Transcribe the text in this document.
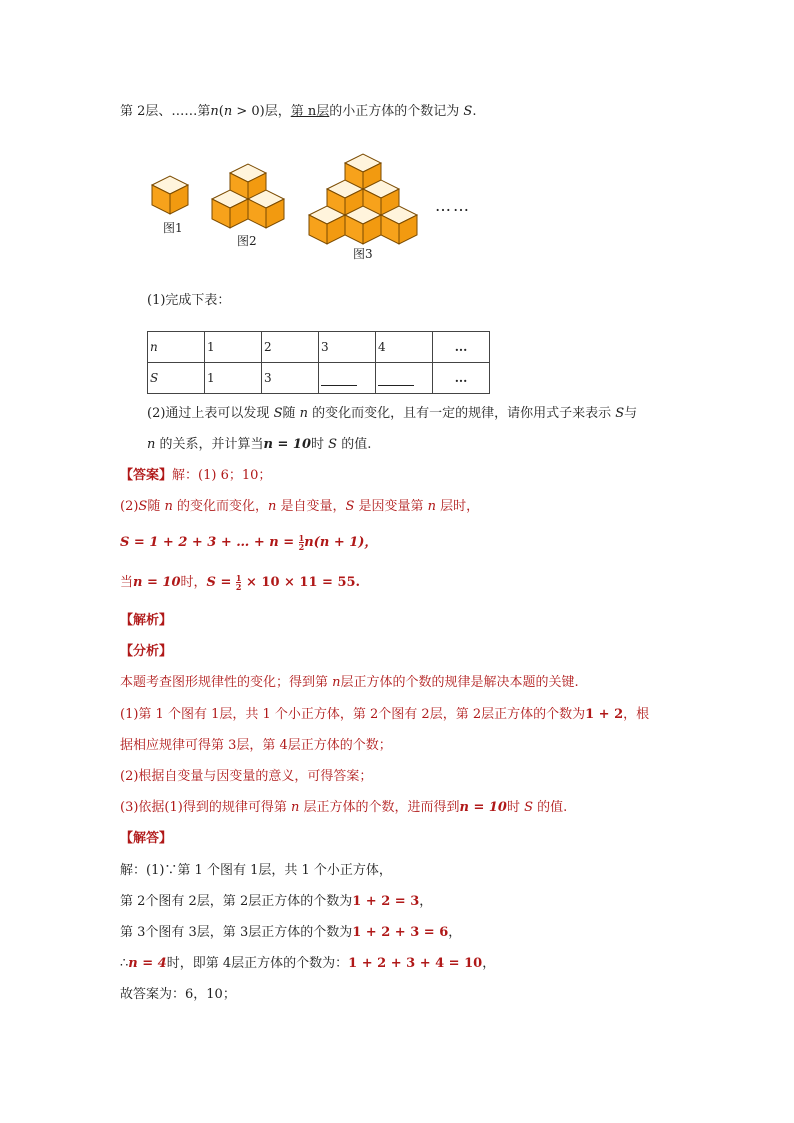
第 2层、……第n(n > 0)层，第 n层的小正方体的个数记为 S.
图1
图2
图3
……
(1)完成下表：
n	1	2	3	4	...
S	1	3			...
(2)通过上表可以发现 S随 n 的变化而变化，且有一定的规律，请你用式子来表示 S与
n 的关系，并计算当n = 10时 S 的值.
【答案】解：(1) 6；10；
(2)S随 n 的变化而变化，n 是自变量，S 是因变量第 n 层时，
S = 1 + 2 + 3 + … + $n = \frac{1}{2} n(n + 1)$，
当n = 10时，$S = \frac{1}{2} \times 10 \times 11 = 55$.
【解析】
【分析】
本题考查图形规律性的变化；得到第 n层正方体的个数的规律是解决本题的关键.
(1)第 1 个图有 1层，共 1 个小正方体，第 2个图有 2层，第 2层正方体的个数为1 + 2，根
据相应规律可得第 3层，第 4层正方体的个数；
(2)根据自变量与因变量的意义，可得答案；
(3)依据(1)得到的规律可得第 n 层正方体的个数，进而得到n = 10时 S 的值.
【解答】
解：(1)∵第 1 个图有 1层，共 1 个小正方体，
第 2个图有 2层，第 2层正方体的个数为1 + 2 = 3，
第 3个图有 3层，第 3层正方体的个数为1 + 2 + 3 = 6，
∴n = 4时，即第 4层正方体的个数为：1 + 2 + 3 + 4 = 10，
故答案为：6，10；
